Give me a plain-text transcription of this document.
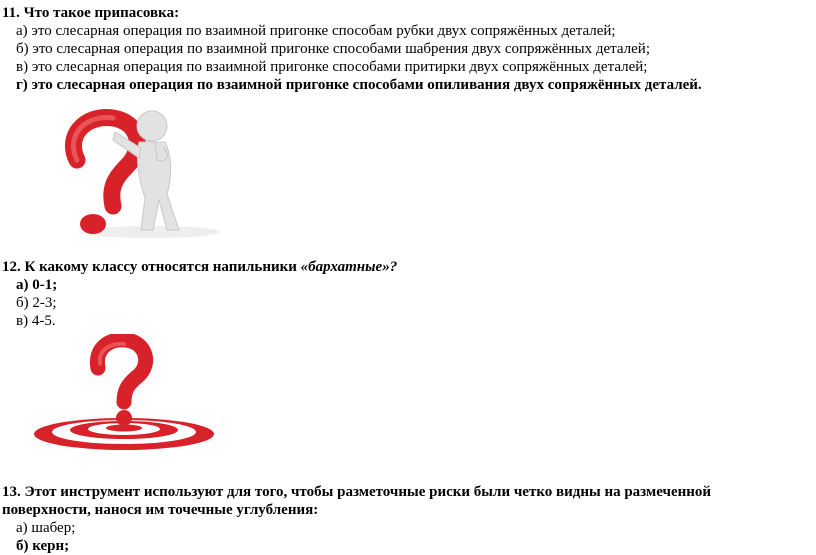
11. Что такое припасовка:
а) это слесарная операция по взаимной пригонке способам рубки двух сопряжённых деталей;
б) это слесарная операция по взаимной пригонке способами шабрения двух сопряжённых деталей;
в) это слесарная операция по взаимной пригонке способами притирки двух сопряжённых деталей;
г) это слесарная операция по взаимной пригонке способами опиливания двух сопряжённых деталей.
12. К какому классу относятся напильники «бархатные»?
а) 0-1;
б) 2-3;
в) 4-5.
13. Этот инструмент используют для того, чтобы разметочные риски были четко видны на размеченной
поверхности, нанося им точечные углубления:
а) шабер;
б) керн;
